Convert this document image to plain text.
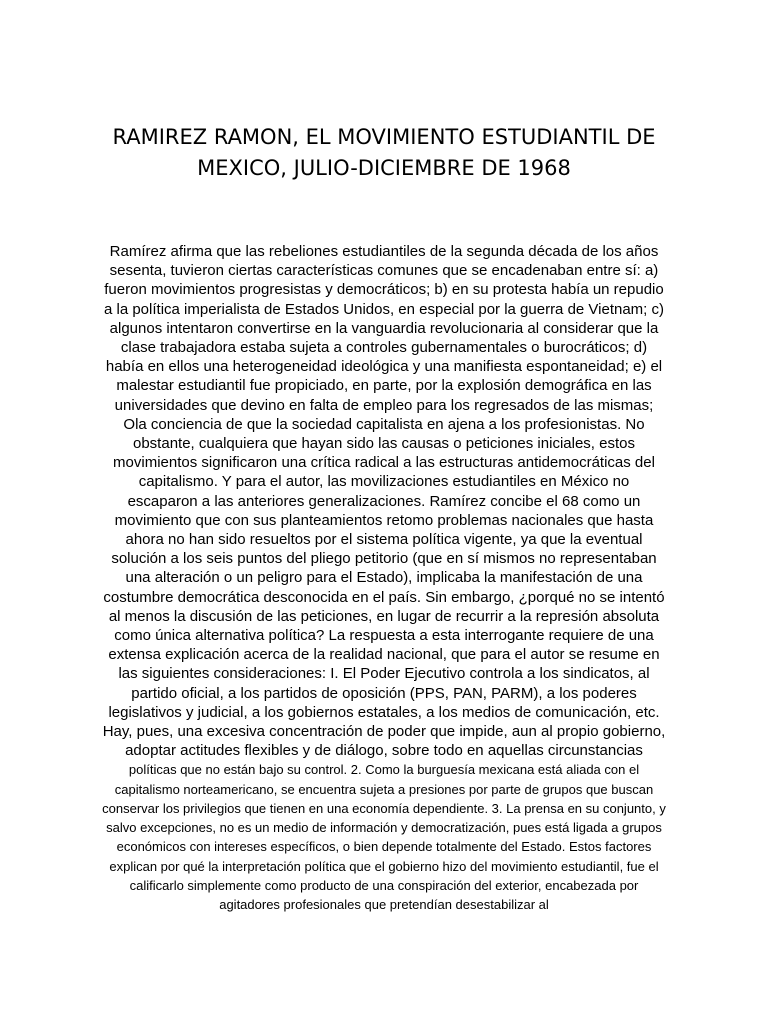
RAMIREZ RAMON, EL MOVIMIENTO ESTUDIANTIL DE MEXICO, JULIO-DICIEMBRE DE 1968

Ramírez afirma que las rebeliones estudiantiles de la segunda década de los años sesenta, tuvieron ciertas características comunes que se encadenaban entre sí: a) fueron movimientos progresistas y democráticos; b) en su protesta había un repudio a la política imperialista de Estados Unidos, en especial por la guerra de Vietnam; c) algunos intentaron convertirse en la vanguardia revolucionaria al considerar que la clase trabajadora estaba sujeta a controles gubernamentales o burocráticos; d) había en ellos una heterogeneidad ideológica y una manifiesta espontaneidad; e) el malestar estudiantil fue propiciado, en parte, por la explosión demográfica en las universidades que devino en falta de empleo para los regresados de las mismas; Ola conciencia de que la sociedad capitalista en ajena a los profesionistas. No obstante, cualquiera que hayan sido las causas o peticiones iniciales, estos movimientos significaron una crítica radical a las estructuras antidemocráticas del capitalismo. Y para el autor, las movilizaciones estudiantiles en México no escaparon a las anteriores generalizaciones. Ramírez concibe el 68 como un movimiento que con sus planteamientos retomo problemas nacionales que hasta ahora no han sido resueltos por el sistema política vigente, ya que la eventual solución a los seis puntos del pliego petitorio (que en sí mismos no representaban una alteración o un peligro para el Estado), implicaba la manifestación de una costumbre democrática desconocida en el país. Sin embargo, ¿porqué no se intentó al menos la discusión de las peticiones, en lugar de recurrir a la represión absoluta como única alternativa política? La respuesta a esta interrogante requiere de una extensa explicación acerca de la realidad nacional, que para el autor se resume en las siguientes consideraciones: I. El Poder Ejecutivo controla a los sindicatos, al partido oficial, a los partidos de oposición (PPS, PAN, PARM), a los poderes legislativos y judicial, a los gobiernos estatales, a los medios de comunicación, etc. Hay, pues, una excesiva concentración de poder que impide, aun al propio gobierno, adoptar actitudes flexibles y de diálogo, sobre todo en aquellas circunstancias políticas que no están bajo su control. 2. Como la burguesía mexicana está aliada con el capitalismo norteamericano, se encuentra sujeta a presiones por parte de grupos que buscan conservar los privilegios que tienen en una economía dependiente. 3. La prensa en su conjunto, y salvo excepciones, no es un medio de información y democratización, pues está ligada a grupos económicos con intereses específicos, o bien depende totalmente del Estado. Estos factores explican por qué la interpretación política que el gobierno hizo del movimiento estudiantil, fue el calificarlo simplemente como producto de una conspiración del exterior, encabezada por agitadores profesionales que pretendían desestabilizar al
